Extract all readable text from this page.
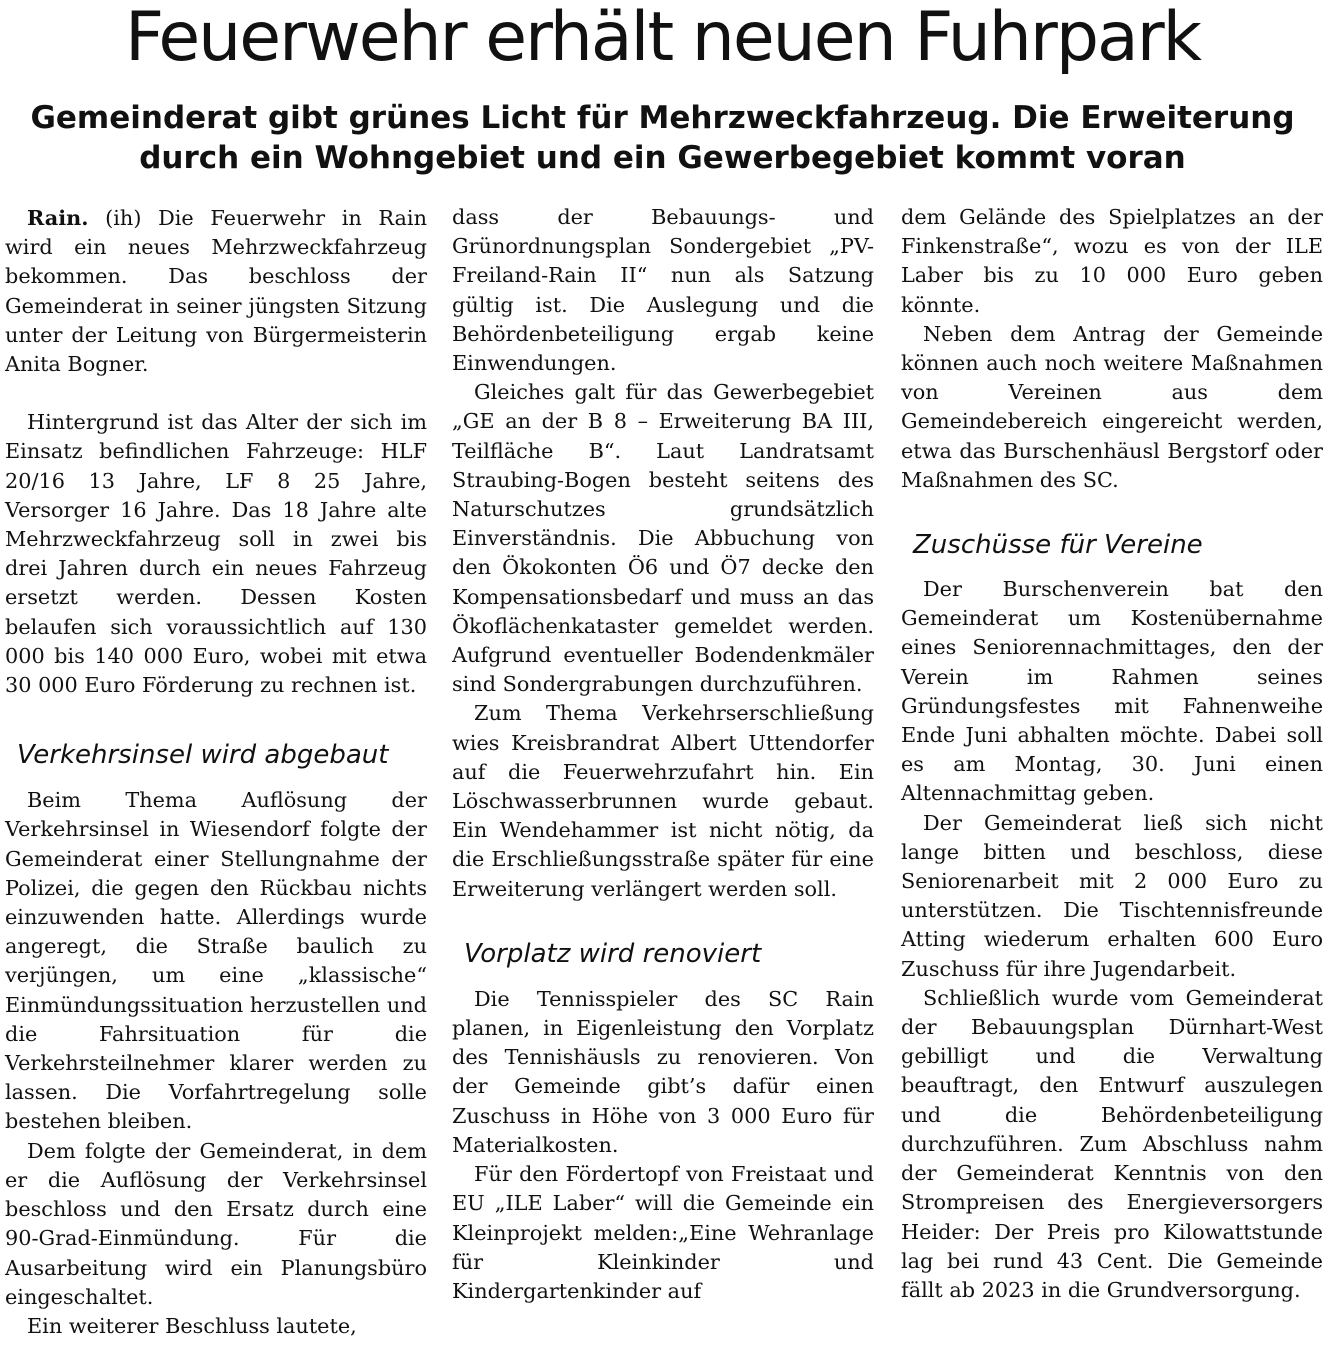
Feuerwehr erhält neuen Fuhrpark
Gemeinderat gibt grünes Licht für Mehrzweckfahrzeug. Die Erweiterung
durch ein Wohngebiet und ein Gewerbegebiet kommt voran

Rain. (ih) Die Feuerwehr in Rain wird ein neues Mehrzweckfahrzeug bekommen. Das beschloss der Gemeinderat in seiner jüngsten Sitzung unter der Leitung von Bürgermeisterin Anita Bogner.

Hintergrund ist das Alter der sich im Einsatz befindlichen Fahrzeuge: HLF 20/16 13 Jahre, LF 8 25 Jahre, Versorger 16 Jahre. Das 18 Jahre alte Mehrzweckfahrzeug soll in zwei bis drei Jahren durch ein neues Fahrzeug ersetzt werden. Dessen Kosten belaufen sich voraussichtlich auf 130 000 bis 140 000 Euro, wobei mit etwa 30 000 Euro Förderung zu rechnen ist.

Verkehrsinsel wird abgebaut

Beim Thema Auflösung der Verkehrsinsel in Wiesendorf folgte der Gemeinderat einer Stellungnahme der Polizei, die gegen den Rückbau nichts einzuwenden hatte. Allerdings wurde angeregt, die Straße baulich zu verjüngen, um eine „klassische“ Einmündungssituation herzustellen und die Fahrsituation für die Verkehrsteilnehmer klarer werden zu lassen. Die Vorfahrtregelung solle bestehen bleiben.

Dem folgte der Gemeinderat, in dem er die Auflösung der Verkehrsinsel beschloss und den Ersatz durch eine 90-Grad-Einmündung. Für die Ausarbeitung wird ein Planungsbüro eingeschaltet.

Ein weiterer Beschluss lautete,

dass der Bebauungs- und Grünordnungsplan Sondergebiet „PV-Freiland-Rain II“ nun als Satzung gültig ist. Die Auslegung und die Behördenbeteiligung ergab keine Einwendungen.

Gleiches galt für das Gewerbegebiet „GE an der B 8 – Erweiterung BA III, Teilfläche B“. Laut Landratsamt Straubing-Bogen besteht seitens des Naturschutzes grundsätzlich Einverständnis. Die Abbuchung von den Ökokonten Ö6 und Ö7 decke den Kompensationsbedarf und muss an das Ökoflächenkataster gemeldet werden. Aufgrund eventueller Bodendenkmäler sind Sondergrabungen durchzuführen.

Zum Thema Verkehrserschließung wies Kreisbrandrat Albert Uttendorfer auf die Feuerwehrzufahrt hin. Ein Löschwasserbrunnen wurde gebaut. Ein Wendehammer ist nicht nötig, da die Erschließungsstraße später für eine Erweiterung verlängert werden soll.

Vorplatz wird renoviert

Die Tennisspieler des SC Rain planen, in Eigenleistung den Vorplatz des Tennishäusls zu renovieren. Von der Gemeinde gibt’s dafür einen Zuschuss in Höhe von 3 000 Euro für Materialkosten.

Für den Fördertopf von Freistaat und EU „ILE Laber“ will die Gemeinde ein Kleinprojekt melden:„Eine Wehranlage für Kleinkinder und Kindergartenkinder auf

dem Gelände des Spielplatzes an der Finkenstraße“, wozu es von der ILE Laber bis zu 10 000 Euro geben könnte.

Neben dem Antrag der Gemeinde können auch noch weitere Maßnahmen von Vereinen aus dem Gemeindebereich eingereicht werden, etwa das Burschenhäusl Bergstorf oder Maßnahmen des SC.

Zuschüsse für Vereine

Der Burschenverein bat den Gemeinderat um Kostenübernahme eines Seniorennachmittages, den der Verein im Rahmen seines Gründungsfestes mit Fahnenweihe Ende Juni abhalten möchte. Dabei soll es am Montag, 30. Juni einen Altennachmittag geben.

Der Gemeinderat ließ sich nicht lange bitten und beschloss, diese Seniorenarbeit mit 2 000 Euro zu unterstützen. Die Tischtennisfreunde Atting wiederum erhalten 600 Euro Zuschuss für ihre Jugendarbeit.

Schließlich wurde vom Gemeinderat der Bebauungsplan Dürnhart-West gebilligt und die Verwaltung beauftragt, den Entwurf auszulegen und die Behördenbeteiligung durchzuführen. Zum Abschluss nahm der Gemeinderat Kenntnis von den Strompreisen des Energieversorgers Heider: Der Preis pro Kilowattstunde lag bei rund 43 Cent. Die Gemeinde fällt ab 2023 in die Grundversorgung.
